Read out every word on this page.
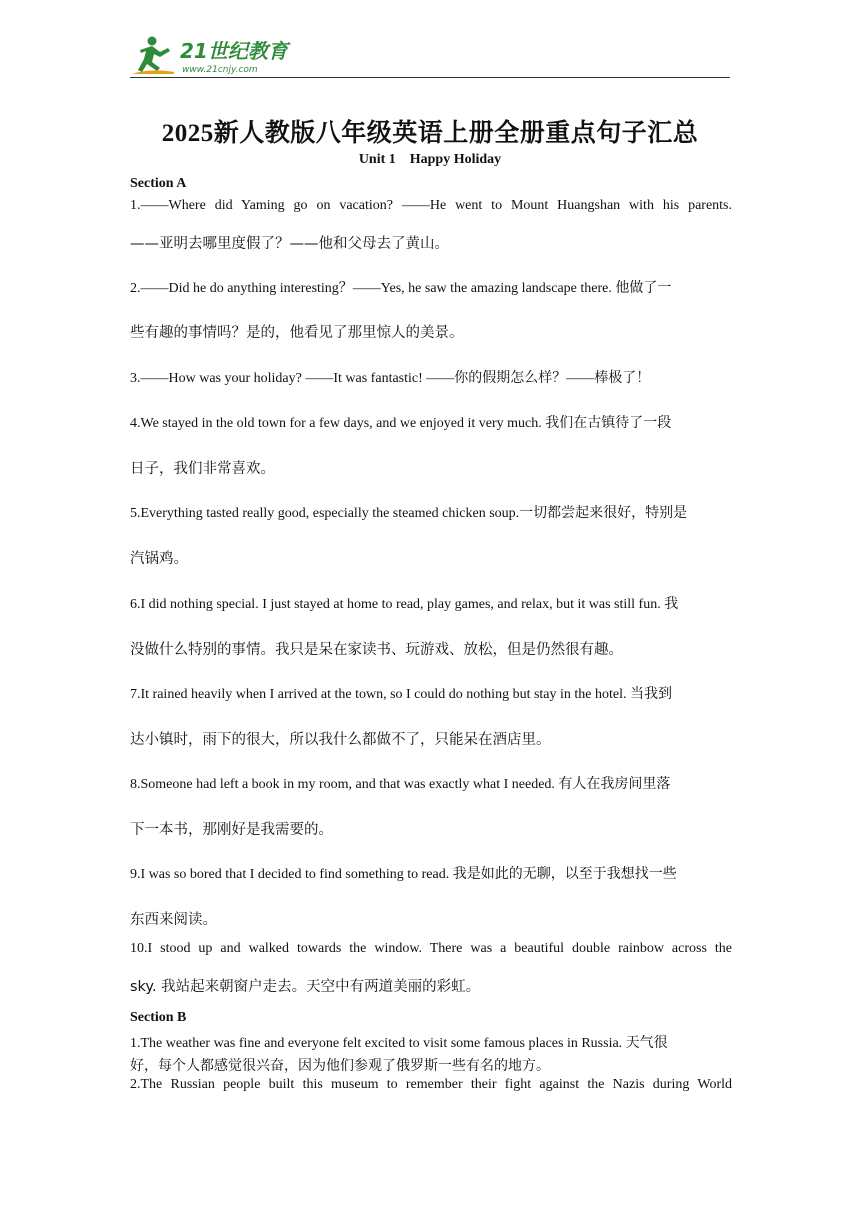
21世纪教育
www.21cnjy.com
2025新人教版八年级英语上册全册重点句子汇总
Unit 1    Happy Holiday
Section A
1.——Where did Yaming go on vacation? ——He went to Mount Huangshan with his parents.
——亚明去哪里度假了？——他和父母去了黄山。
2.——Did he do anything interesting？——Yes, he saw the amazing landscape there. 他做了一
些有趣的事情吗？是的，他看见了那里惊人的美景。
3.——How was your holiday? ——It was fantastic! ——你的假期怎么样？——棒极了！
4.We stayed in the old town for a few days, and we enjoyed it very much. 我们在古镇待了一段
日子，我们非常喜欢。
5.Everything tasted really good, especially the steamed chicken soup.一切都尝起来很好，特别是
汽锅鸡。
6.I did nothing special. I just stayed at home to read, play games, and relax, but it was still fun. 我
没做什么特别的事情。我只是呆在家读书、玩游戏、放松，但是仍然很有趣。
7.It rained heavily when I arrived at the town, so I could do nothing but stay in the hotel. 当我到
达小镇时，雨下的很大，所以我什么都做不了，只能呆在酒店里。
8.Someone had left a book in my room, and that was exactly what I needed. 有人在我房间里落
下一本书，那刚好是我需要的。
9.I was so bored that I decided to find something to read. 我是如此的无聊，以至于我想找一些
东西来阅读。
10.I stood up and walked towards the window. There was a beautiful double rainbow across the
sky. 我站起来朝窗户走去。天空中有两道美丽的彩虹。
Section B
1.The weather was fine and everyone felt excited to visit some famous places in Russia. 天气很
好，每个人都感觉很兴奋，因为他们参观了俄罗斯一些有名的地方。
2.The Russian people built this museum to remember their fight against the Nazis during World
